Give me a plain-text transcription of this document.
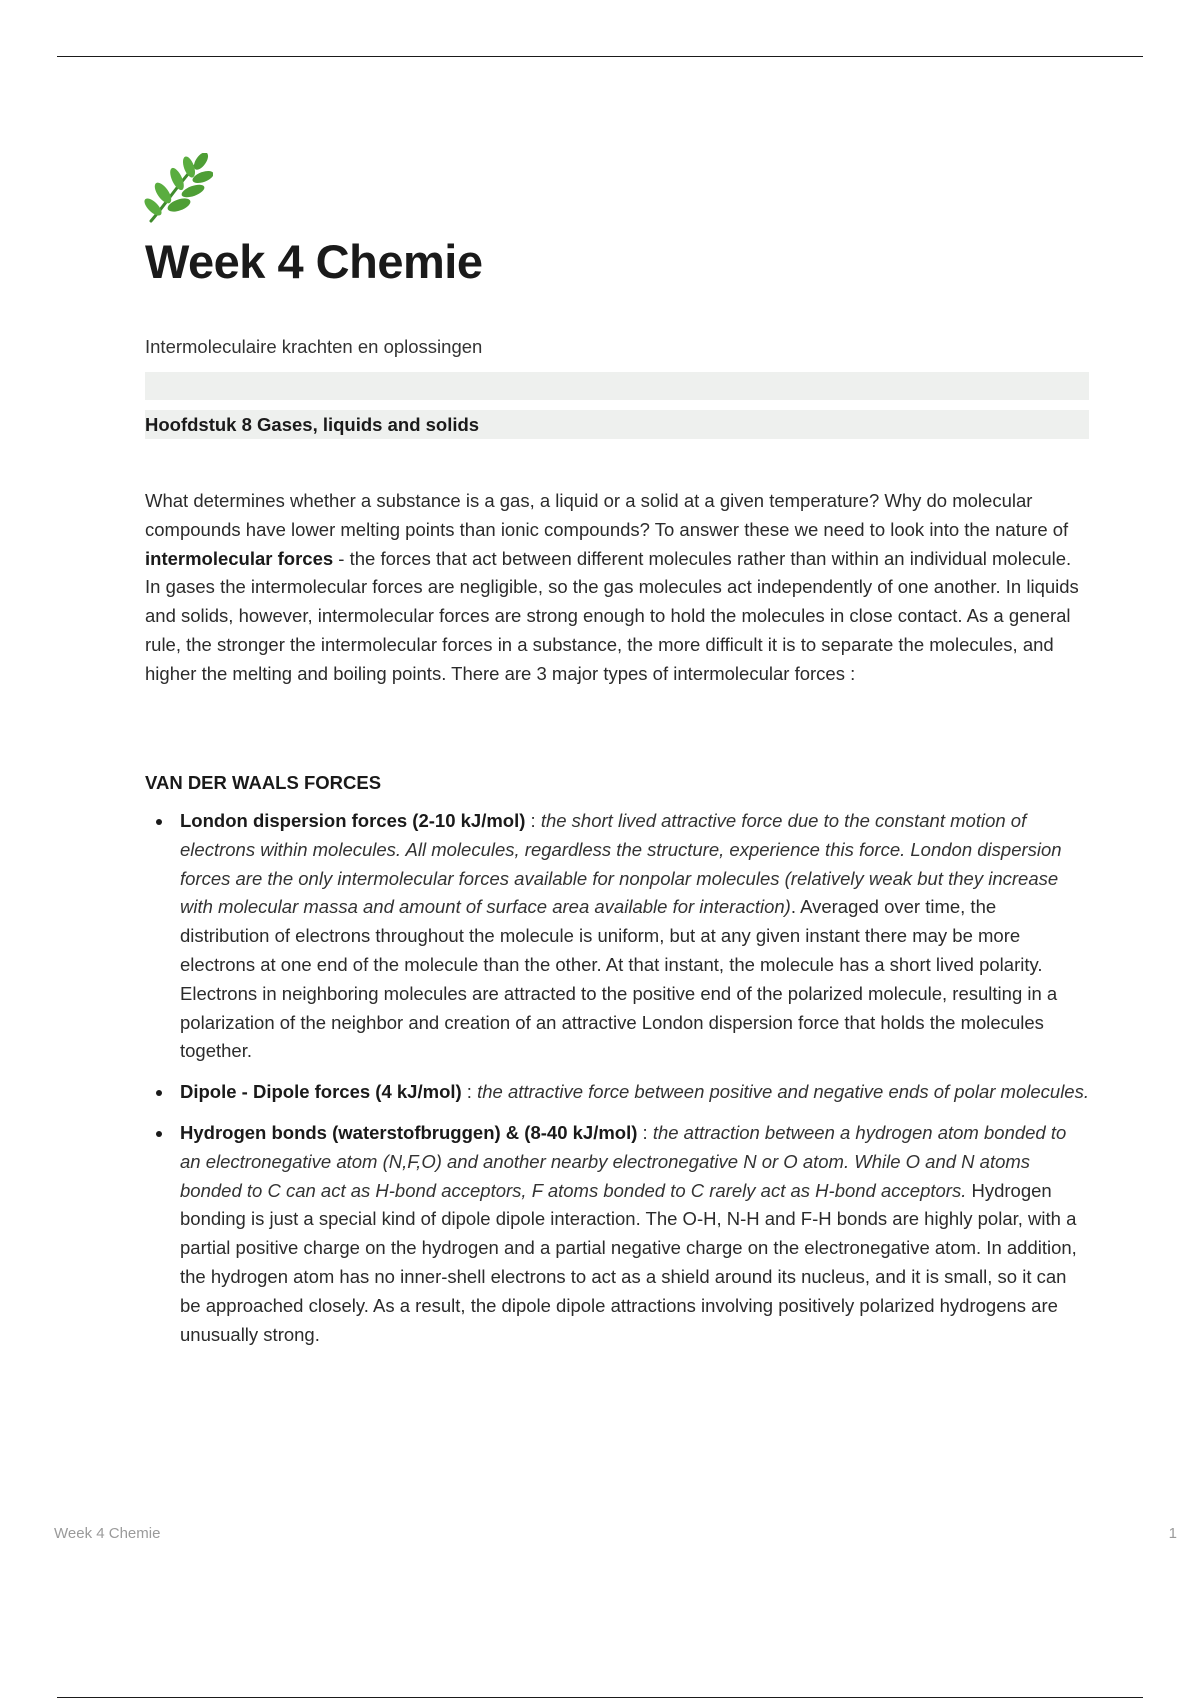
Week 4 Chemie
Intermoleculaire krachten en oplossingen
Hoofdstuk 8 Gases, liquids and solids

What determines whether a substance is a gas, a liquid or a solid at a given temperature? Why do molecular compounds have lower melting points than ionic compounds? To answer these we need to look into the nature of intermolecular forces - the forces that act between different molecules rather than within an individual molecule. In gases the intermolecular forces are negligible, so the gas molecules act independently of one another. In liquids and solids, however, intermolecular forces are strong enough to hold the molecules in close contact. As a general rule, the stronger the intermolecular forces in a substance, the more difficult it is to separate the molecules, and higher the melting and boiling points. There are 3 major types of intermolecular forces :

VAN DER WAALS FORCES
London dispersion forces (2-10 kJ/mol) : the short lived attractive force due to the constant motion of electrons within molecules. All molecules, regardless the structure, experience this force. London dispersion forces are the only intermolecular forces available for nonpolar molecules (relatively weak but they increase with molecular massa and amount of surface area available for interaction). Averaged over time, the distribution of electrons throughout the molecule is uniform, but at any given instant there may be more electrons at one end of the molecule than the other. At that instant, the molecule has a short lived polarity. Electrons in neighboring molecules are attracted to the positive end of the polarized molecule, resulting in a polarization of the neighbor and creation of an attractive London dispersion force that holds the molecules together.
Dipole - Dipole forces (4 kJ/mol) : the attractive force between positive and negative ends of polar molecules.
Hydrogen bonds (waterstofbruggen) & (8-40 kJ/mol) : the attraction between a hydrogen atom bonded to an electronegative atom (N,F,O) and another nearby electronegative N or O atom. While O and N atoms bonded to C can act as H-bond acceptors, F atoms bonded to C rarely act as H-bond acceptors. Hydrogen bonding is just a special kind of dipole dipole interaction. The O-H, N-H and F-H bonds are highly polar, with a partial positive charge on the hydrogen and a partial negative charge on the electronegative atom. In addition, the hydrogen atom has no inner-shell electrons to act as a shield around its nucleus, and it is small, so it can be approached closely. As a result, the dipole dipole attractions involving positively polarized hydrogens are unusually strong.
Week 4 Chemie	1
